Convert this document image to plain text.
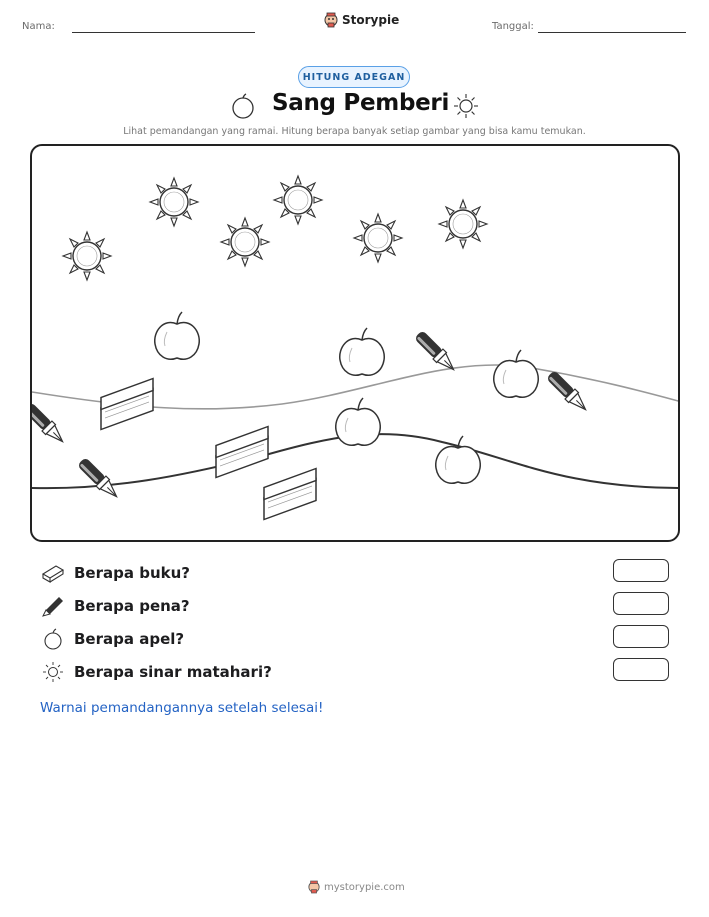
Nama:	Storypie	Tanggal:
HITUNG ADEGAN
Sang Pemberi
Lihat pemandangan yang ramai. Hitung berapa banyak setiap gambar yang bisa kamu temukan.
Berapa buku?
Berapa pena?
Berapa apel?
Berapa sinar matahari?
Warnai pemandangannya setelah selesai!
mystorypie.com
